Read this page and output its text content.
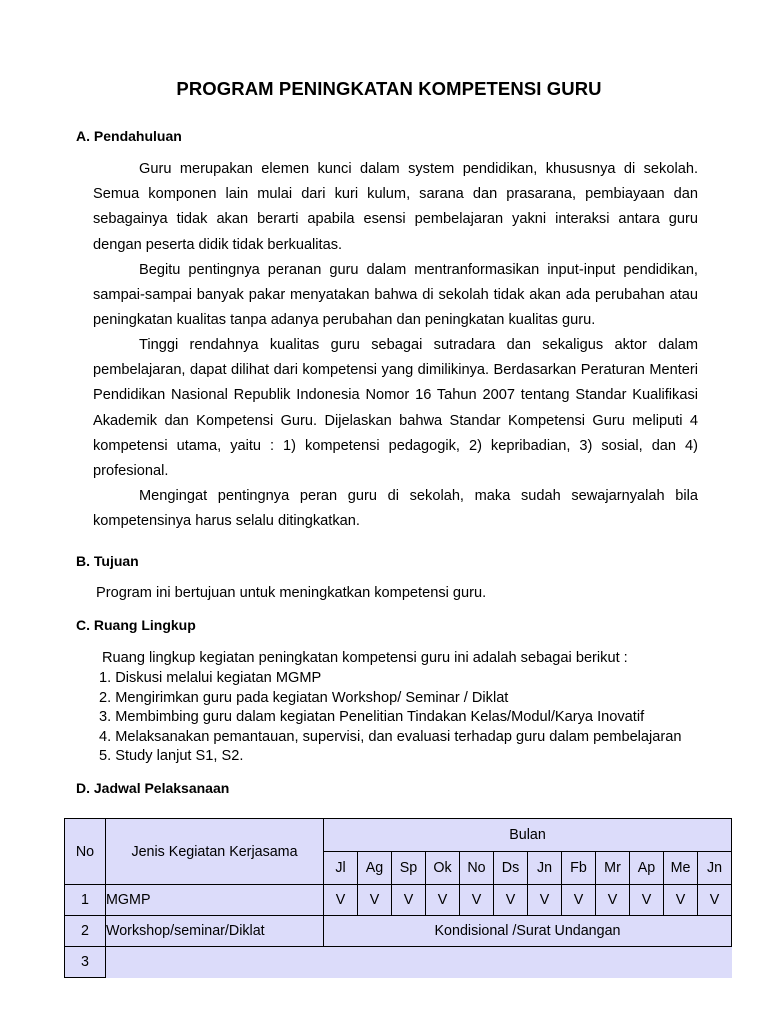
PROGRAM PENINGKATAN KOMPETENSI GURU
A. Pendahuluan

Guru merupakan elemen kunci dalam system pendidikan, khususnya di sekolah. Semua komponen lain mulai dari kuri kulum, sarana dan prasarana, pembiayaan dan sebagainya tidak akan berarti apabila esensi pembelajaran yakni interaksi antara guru dengan peserta didik tidak berkualitas.

Begitu pentingnya peranan guru dalam mentranformasikan input-input pendidikan, sampai-sampai banyak pakar menyatakan bahwa di sekolah tidak akan ada perubahan atau peningkatan kualitas tanpa adanya perubahan dan peningkatan kualitas guru.

Tinggi rendahnya kualitas guru sebagai sutradara dan sekaligus aktor dalam pembelajaran, dapat dilihat dari kompetensi yang dimilikinya. Berdasarkan Peraturan Menteri Pendidikan Nasional Republik Indonesia Nomor 16 Tahun 2007 tentang Standar Kualifikasi Akademik dan Kompetensi Guru. Dijelaskan bahwa Standar Kompetensi Guru meliputi 4 kompetensi utama, yaitu : 1) kompetensi pedagogik, 2) kepribadian, 3) sosial, dan 4) profesional.

Mengingat pentingnya peran guru di sekolah, maka sudah sewajarnyalah bila kompetensinya harus selalu ditingkatkan.

B. Tujuan

Program ini bertujuan untuk meningkatkan kompetensi guru.

C. Ruang Lingkup

Ruang lingkup kegiatan peningkatan kompetensi guru ini adalah sebagai berikut :

1. Diskusi melalui kegiatan MGMP
2. Mengirimkan guru pada kegiatan Workshop/ Seminar / Diklat
3. Membimbing guru dalam kegiatan Penelitian Tindakan Kelas/Modul/Karya Inovatif
4. Melaksanakan pemantauan, supervisi, dan evaluasi terhadap guru dalam pembelajaran
5. Study lanjut S1, S2.
D. Jadwal Pelaksanaan
No	Jenis Kegiatan Kerjasama	Bulan											
		Jl	Ag	Sp	Ok	No	Ds	Jn	Fb	Mr	Ap	Me	Jn
1	MGMP	V	V	V	V	V	V	V	V	V	V	V	V
2	Workshop/seminar/Diklat	Kondisional /Surat Undangan											
3													
